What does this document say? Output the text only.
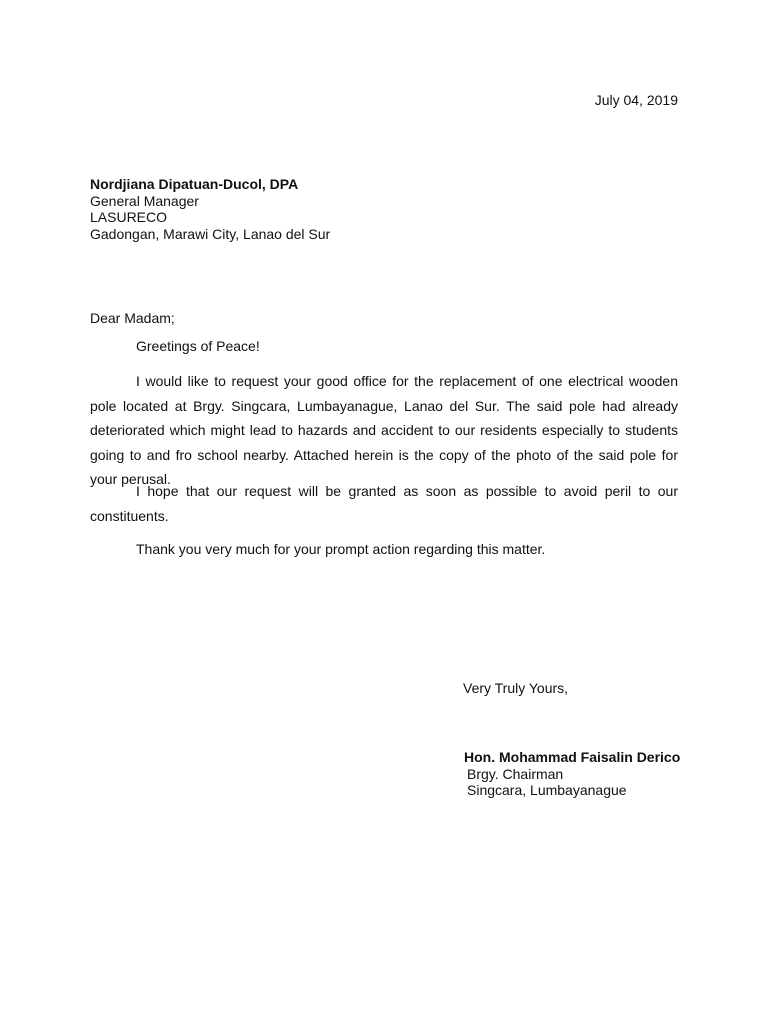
July 04, 2019
Nordjiana Dipatuan-Ducol, DPA
General Manager
LASURECO
Gadongan, Marawi City, Lanao del Sur
Dear Madam;
Greetings of Peace!

I would like to request your good office for the replacement of one electrical wooden pole located at Brgy. Singcara, Lumbayanague, Lanao del Sur. The said pole had already deteriorated which might lead to hazards and accident to our residents especially to students going to and fro school nearby. Attached herein is the copy of the photo of the said pole for your perusal.

I hope that our request will be granted as soon as possible to avoid peril to our constituents.

Thank you very much for your prompt action regarding this matter.

Very Truly Yours,
Hon. Mohammad Faisalin Derico
Brgy. Chairman
Singcara, Lumbayanague
